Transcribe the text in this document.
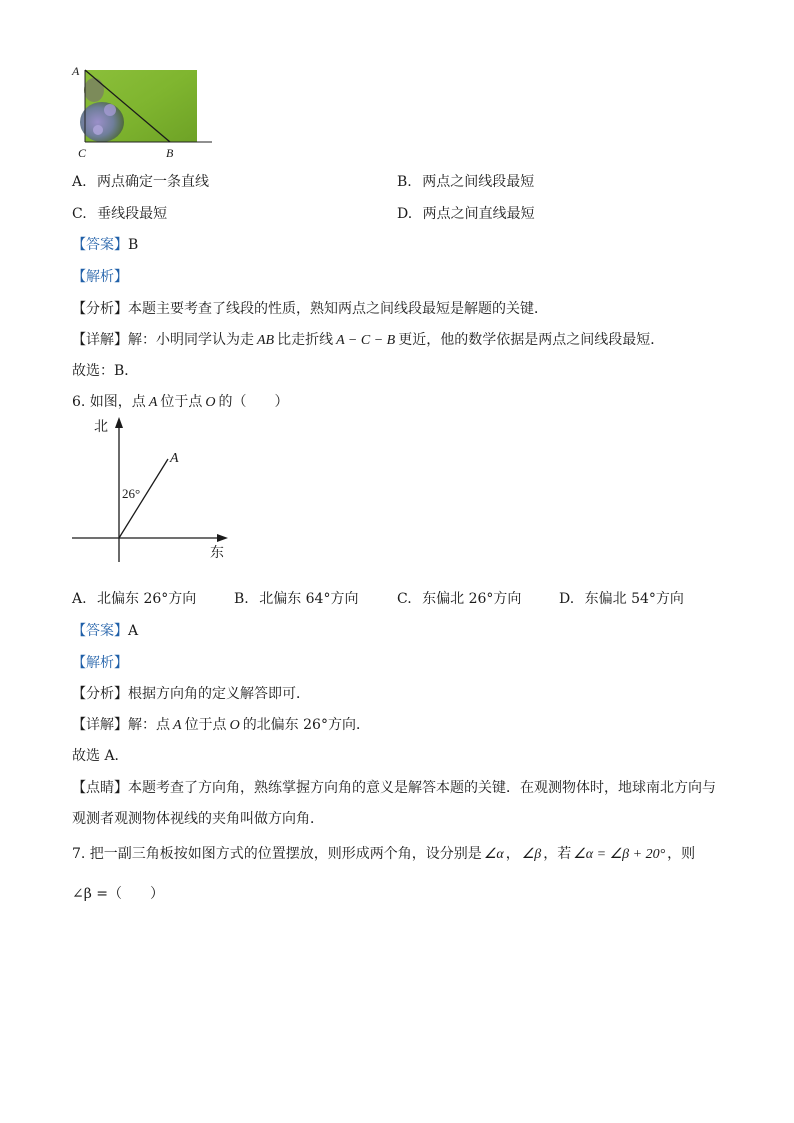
A
C	B
A. 两点确定一条直线	B. 两点之间线段最短
C. 垂线段最短	D. 两点之间直线最短
【答案】B
【解析】
【分析】本题主要考查了线段的性质，熟知两点之间线段最短是解题的关键．
【详解】解：小明同学认为走 AB 比走折线 A − C − B 更近，他的数学依据是两点之间线段最短．
故选：B．
6. 如图，点 A 位于点 O 的（　　）
北
东
A
26°
A. 北偏东 26°方向	B. 北偏东 64°方向	C. 东偏北 26°方向	D. 东偏北 54°方向
【答案】A
【解析】
【分析】根据方向角的定义解答即可．
【详解】解：点 A 位于点 O 的北偏东 26°方向．
故选 A．
【点睛】本题考查了方向角，熟练掌握方向角的意义是解答本题的关键．在观测物体时，地球南北方向与
观测者观测物体视线的夹角叫做方向角．
7. 把一副三角板按如图方式的位置摆放，则形成两个角，设分别是 ∠α ， ∠β ，若 ∠α = ∠β + 20° ，则
∠β =（　　）
